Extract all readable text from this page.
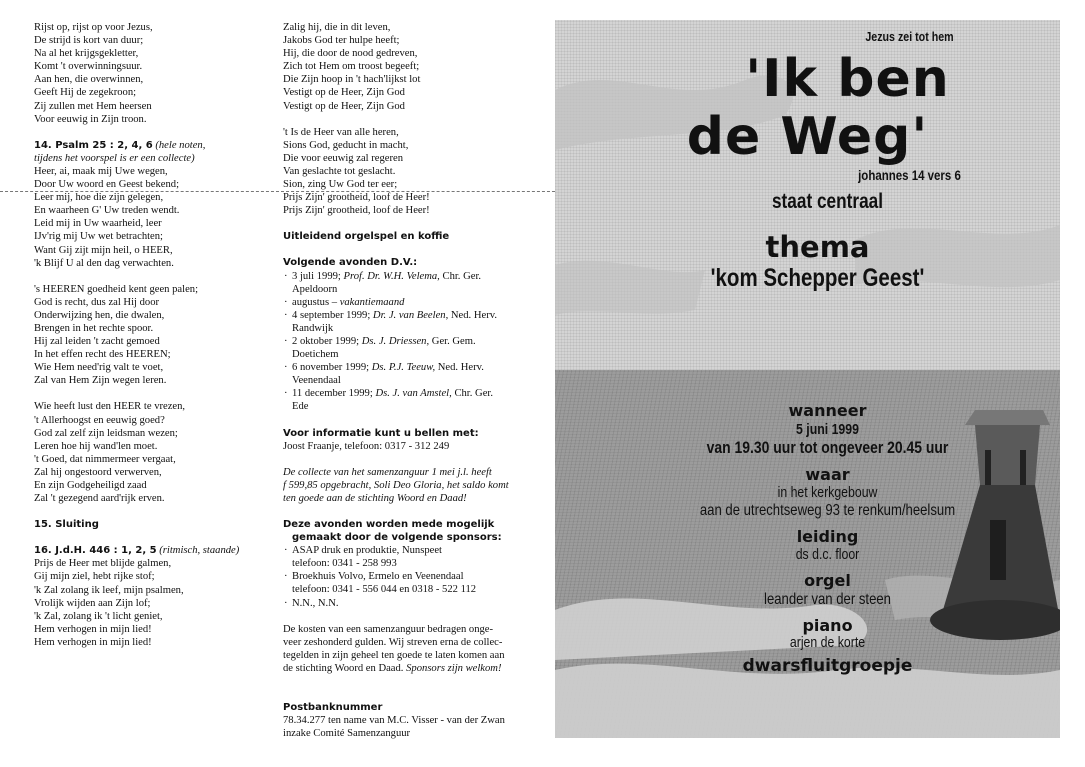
Rijst op, rijst op voor Jezus,
De strijd is kort van duur;
Na al het krijgsgekletter,
Komt 't overwinningsuur.
Aan hen, die overwinnen,
Geeft Hij de zegekroon;
Zij zullen met Hem heersen
Voor eeuwig in Zijn troon.
14. Psalm 25 : 2, 4, 6 (hele noten,
tijdens het voorspel is er een collecte)
Heer, ai, maak mij Uwe wegen,
Door Uw woord en Geest bekend;
Leer mij, hoe die zijn gelegen,
En waarheen G' Uw treden wendt.
Leid mij in Uw waarheid, leer
IJv'rig mij Uw wet betrachten;
Want Gij zijt mijn heil, o HEER,
'k Blijf U al den dag verwachten.
's HEEREN goedheid kent geen palen;
God is recht, dus zal Hij door
Onderwijzing hen, die dwalen,
Brengen in het rechte spoor.
Hij zal leiden 't zacht gemoed
In het effen recht des HEEREN;
Wie Hem need'rig valt te voet,
Zal van Hem Zijn wegen leren.
Wie heeft lust den HEER te vrezen,
't Allerhoogst en eeuwig goed?
God zal zelf zijn leidsman wezen;
Leren hoe hij wand'len moet.
't Goed, dat nimmermeer vergaat,
Zal hij ongestoord verwerven,
En zijn Godgeheiligd zaad
Zal 't gezegend aard'rijk erven.
15. Sluiting
16. J.d.H. 446 : 1, 2, 5 (ritmisch, staande)
Prijs de Heer met blijde galmen,
Gij mijn ziel, hebt rijke stof;
'k Zal zolang ik leef, mijn psalmen,
Vrolijk wijden aan Zijn lof;
'k Zal, zolang ik 't licht geniet,
Hem verhogen in mijn lied!
Hem verhogen in mijn lied!
Zalig hij, die in dit leven,
Jakobs God ter hulpe heeft;
Hij, die door de nood gedreven,
Zich tot Hem om troost begeeft;
Die Zijn hoop in 't hach'lijkst lot
Vestigt op de Heer, Zijn God
Vestigt op de Heer, Zijn God
't Is de Heer van alle heren,
Sions God, geducht in macht,
Die voor eeuwig zal regeren
Van geslachte tot geslacht.
Sion, zing Uw God ter eer;
Prijs Zijn' grootheid, loof de Heer!
Prijs Zijn' grootheid, loof de Heer!
Uitleidend orgelspel en koffie
Volgende avonden D.V.:
· 3 juli 1999; Prof. Dr. W.H. Velema, Chr. Ger.
Apeldoorn
· augustus – vakantiemaand
· 4 september 1999; Dr. J. van Beelen, Ned. Herv.
Randwijk
· 2 oktober 1999; Ds. J. Driessen, Ger. Gem.
Doetichem
· 6 november 1999; Ds. P.J. Teeuw, Ned. Herv.
Veenendaal
· 11 december 1999; Ds. J. van Amstel, Chr. Ger.
Ede
Voor informatie kunt u bellen met:
Joost Fraanje, telefoon: 0317 - 312 249
De collecte van het samenzanguur 1 mei j.l. heeft
f 599,85 opgebracht, Soli Deo Gloria, het saldo komt
ten goede aan de stichting Woord en Daad!
Deze avonden worden mede mogelijk
gemaakt door de volgende sponsors:
· ASAP druk en produktie, Nunspeet
telefoon: 0341 - 258 993
· Broekhuis Volvo, Ermelo en Veenendaal
telefoon: 0341 - 556 044 en 0318 - 522 112
· N.N., N.N.
De kosten van een samenzanguur bedragen onge-
veer zeshonderd gulden. Wij streven erna de collec-
tegelden in zijn geheel ten goede te laten komen aan
de stichting Woord en Daad. Sponsors zijn welkom!
Postbanknummer
78.34.277 ten name van M.C. Visser - van der Zwan
inzake Comité Samenzanguur
Jezus zei tot hem
'Ik ben
de Weg'
johannes 14 vers 6
staat centraal
thema
'kom Schepper Geest'
wanneer
5 juni 1999
van 19.30 uur tot ongeveer 20.45 uur
waar
in het kerkgebouw
aan de utrechtseweg 93 te renkum/heelsum
leiding
ds d.c. floor
orgel
leander van der steen
piano
arjen de korte
dwarsfluitgroepje
